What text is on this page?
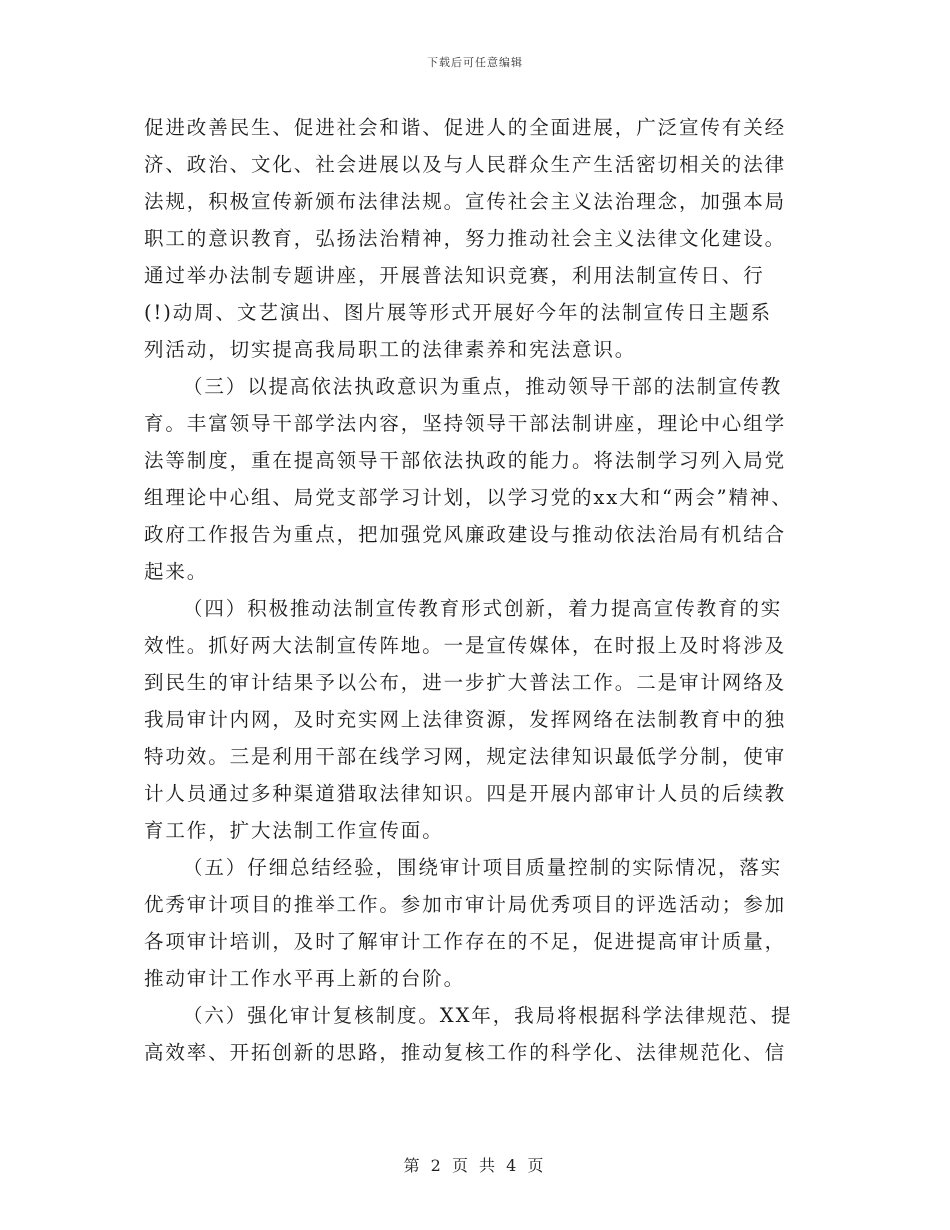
下载后可任意编辑
促进改善民生、促进社会和谐、促进人的全面进展，广泛宣传有关经
济、政治、文化、社会进展以及与人民群众生产生活密切相关的法律
法规，积极宣传新颁布法律法规。宣传社会主义法治理念，加强本局
职工的意识教育，弘扬法治精神，努力推动社会主义法律文化建设。
通过举办法制专题讲座，开展普法知识竞赛，利用法制宣传日、行
(!)动周、文艺演出、图片展等形式开展好今年的法制宣传日主题系
列活动，切实提高我局职工的法律素养和宪法意识。
（三）以提高依法执政意识为重点，推动领导干部的法制宣传教
育。丰富领导干部学法内容，坚持领导干部法制讲座，理论中心组学
法等制度，重在提高领导干部依法执政的能力。将法制学习列入局党
组理论中心组、局党支部学习计划，以学习党的xx大和“两会”精神、
政府工作报告为重点，把加强党风廉政建设与推动依法治局有机结合
起来。
（四）积极推动法制宣传教育形式创新，着力提高宣传教育的实
效性。抓好两大法制宣传阵地。一是宣传媒体，在时报上及时将涉及
到民生的审计结果予以公布，进一步扩大普法工作。二是审计网络及
我局审计内网，及时充实网上法律资源，发挥网络在法制教育中的独
特功效。三是利用干部在线学习网，规定法律知识最低学分制，使审
计人员通过多种渠道猎取法律知识。四是开展内部审计人员的后续教
育工作，扩大法制工作宣传面。
（五）仔细总结经验，围绕审计项目质量控制的实际情况，落实
优秀审计项目的推举工作。参加市审计局优秀项目的评选活动；参加
各项审计培训，及时了解审计工作存在的不足，促进提高审计质量，
推动审计工作水平再上新的台阶。
（六）强化审计复核制度。XX年，我局将根据科学法律规范、提
高效率、开拓创新的思路，推动复核工作的科学化、法律规范化、信
第 2 页 共 4 页
